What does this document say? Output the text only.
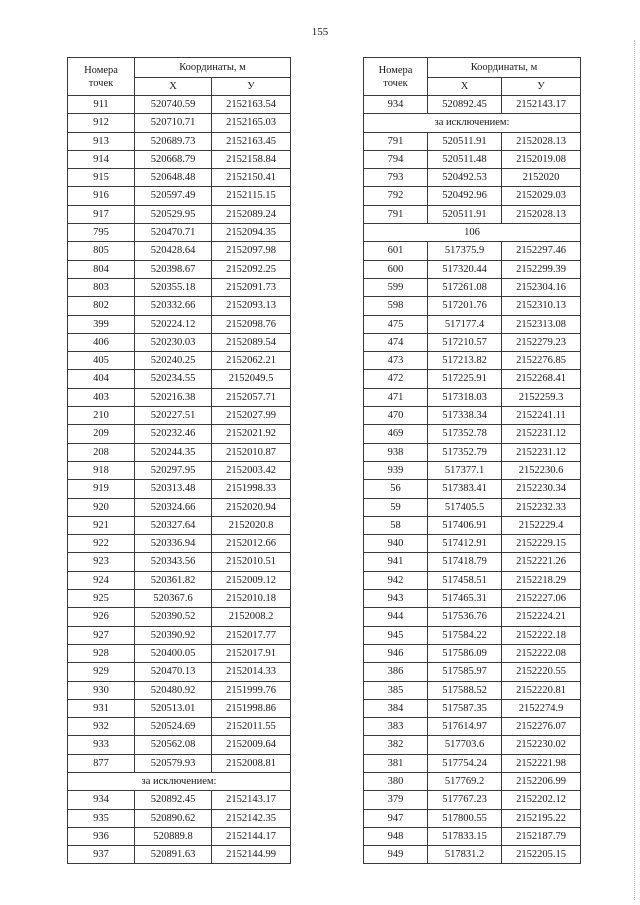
155
Номера точек	Координаты, м	
	X	У
911	520740.59	2152163.54
912	520710.71	2152165.03
913	520689.73	2152163.45
914	520668.79	2152158.84
915	520648.48	2152150.41
916	520597.49	2152115.15
917	520529.95	2152089.24
795	520470.71	2152094.35
805	520428.64	2152097.98
804	520398.67	2152092.25
803	520355.18	2152091.73
802	520332.66	2152093.13
399	520224.12	2152098.76
406	520230.03	2152089.54
405	520240.25	2152062.21
404	520234.55	2152049.5
403	520216.38	2152057.71
210	520227.51	2152027.99
209	520232.46	2152021.92
208	520244.35	2152010.87
918	520297.95	2152003.42
919	520313.48	2151998.33
920	520324.66	2152020.94
921	520327.64	2152020.8
922	520336.94	2152012.66
923	520343.56	2152010.51
924	520361.82	2152009.12
925	520367.6	2152010.18
926	520390.52	2152008.2
927	520390.92	2152017.77
928	520400.05	2152017.91
929	520470.13	2152014.33
930	520480.92	2151999.76
931	520513.01	2151998.86
932	520524.69	2152011.55
933	520562.08	2152009.64
877	520579.93	2152008.81
за исключением:		
934	520892.45	2152143.17
935	520890.62	2152142.35
936	520889.8	2152144.17
937	520891.63	2152144.99
Номера точек	Координаты, м	
	X	У
934	520892.45	2152143.17
за исключением:		
791	520511.91	2152028.13
794	520511.48	2152019.08
793	520492.53	2152020
792	520492.96	2152029.03
791	520511.91	2152028.13
106		
601	517375.9	2152297.46
600	517320.44	2152299.39
599	517261.08	2152304.16
598	517201.76	2152310.13
475	517177.4	2152313.08
474	517210.57	2152279.23
473	517213.82	2152276.85
472	517225.91	2152268.41
471	517318.03	2152259.3
470	517338.34	2152241.11
469	517352.78	2152231.12
938	517352.79	2152231.12
939	517377.1	2152230.6
56	517383.41	2152230.34
59	517405.5	2152232.33
58	517406.91	2152229.4
940	517412.91	2152229.15
941	517418.79	2152221.26
942	517458.51	2152218.29
943	517465.31	2152227.06
944	517536.76	2152224.21
945	517584.22	2152222.18
946	517586.09	2152222.08
386	517585.97	2152220.55
385	517588.52	2152220.81
384	517587.35	2152274.9
383	517614.97	2152276.07
382	517703.6	2152230.02
381	517754.24	2152221.98
380	517769.2	2152206.99
379	517767.23	2152202.12
947	517800.55	2152195.22
948	517833.15	2152187.79
949	517831.2	2152205.15
